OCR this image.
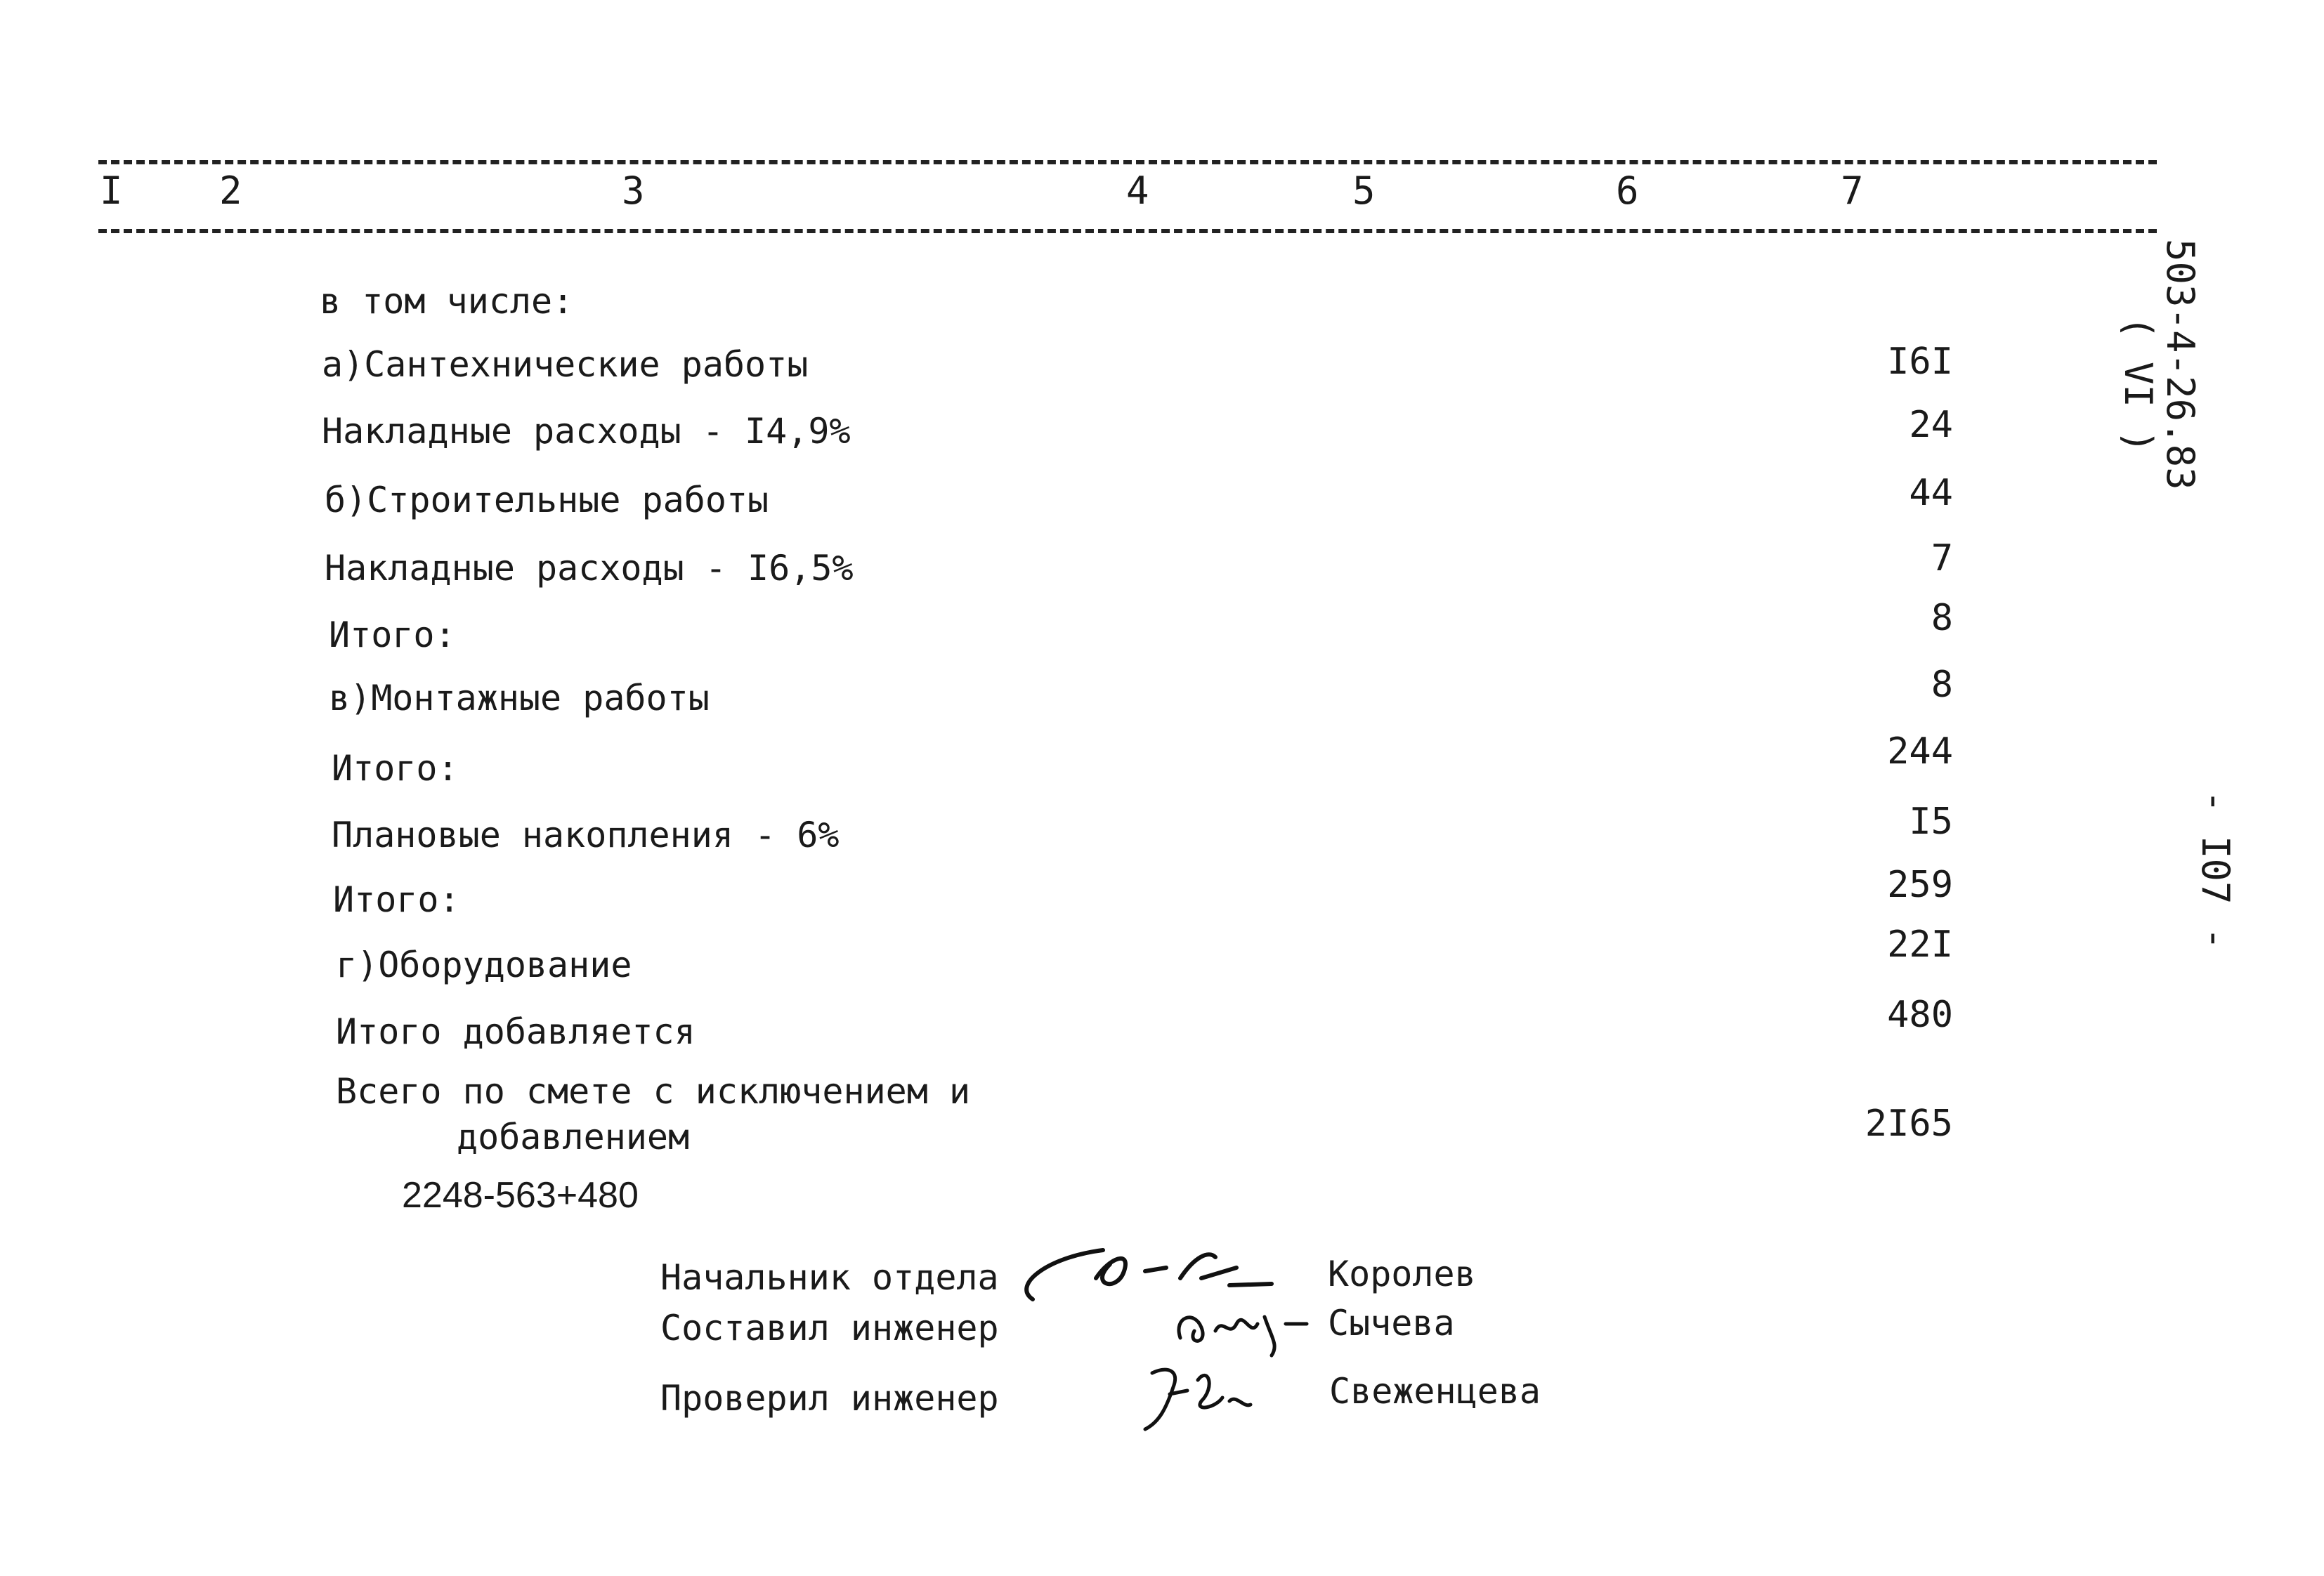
I	2	3	4	5	6	7
503-4-26.83
( VI )
- I07 -
в том числе:
а)Сантехнические работы	I6I
Накладные расходы - I4,9%	24
б)Строительные работы	44
Накладные расходы - I6,5%	7
Итого:	8
в)Монтажные работы	8
Итого:	244
Плановые накопления - 6%	I5
Итого:	259
г)Оборудование	22I
Итого добавляется	480
Всего по смете с исключением и
добавлением	2I65
2248-563+480
Начальник отдела	Королев
Составил инженер	Сычева
Проверил инженер	Свеженцева
